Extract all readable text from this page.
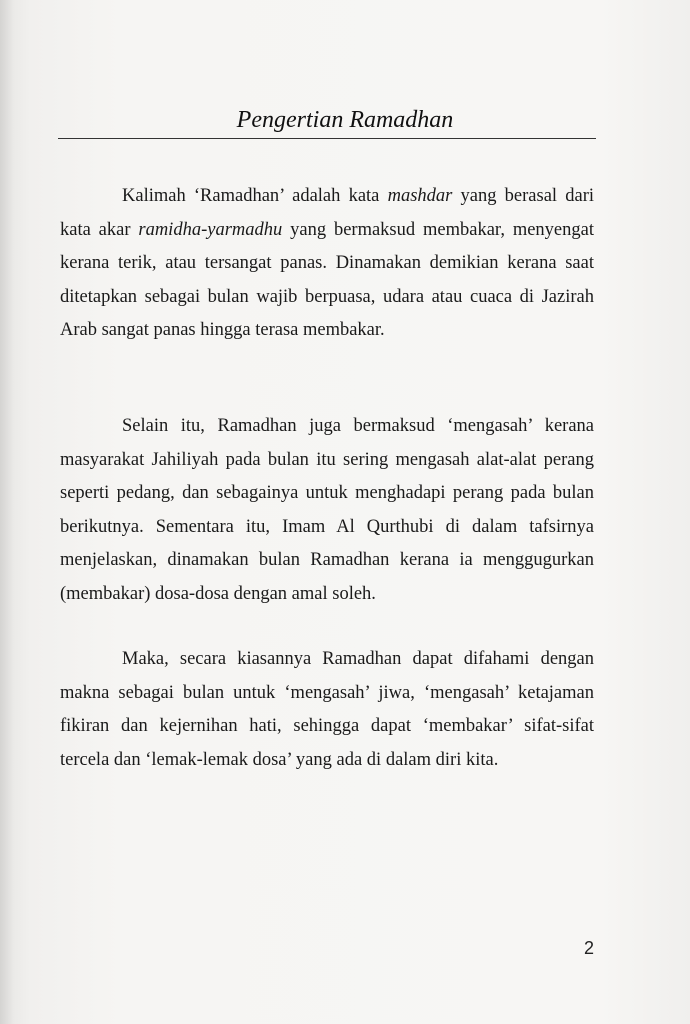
Pengertian Ramadhan

Kalimah ‘Ramadhan’ adalah kata mashdar yang berasal dari kata akar ramidha-yarmadhu yang bermaksud membakar, menyengat kerana terik, atau tersangat panas. Dinamakan demikian kerana saat ditetapkan sebagai bulan wajib berpuasa, udara atau cuaca di Jazirah Arab sangat panas hingga terasa membakar.

Selain itu, Ramadhan juga bermaksud ‘mengasah’ kerana masyarakat Jahiliyah pada bulan itu sering mengasah alat-alat perang seperti pedang, dan sebagainya untuk menghadapi perang pada bulan berikutnya. Sementara itu, Imam Al Qurthubi di dalam tafsirnya menjelaskan, dinamakan bulan Ramadhan kerana ia menggugurkan (membakar) dosa-dosa dengan amal soleh.

Maka, secara kiasannya Ramadhan dapat difahami dengan makna sebagai bulan untuk ‘mengasah’ jiwa, ‘mengasah’ ketajaman fikiran dan kejernihan hati, sehingga dapat ‘membakar’ sifat-sifat tercela dan ‘lemak-lemak dosa’ yang ada di dalam diri kita.

2
